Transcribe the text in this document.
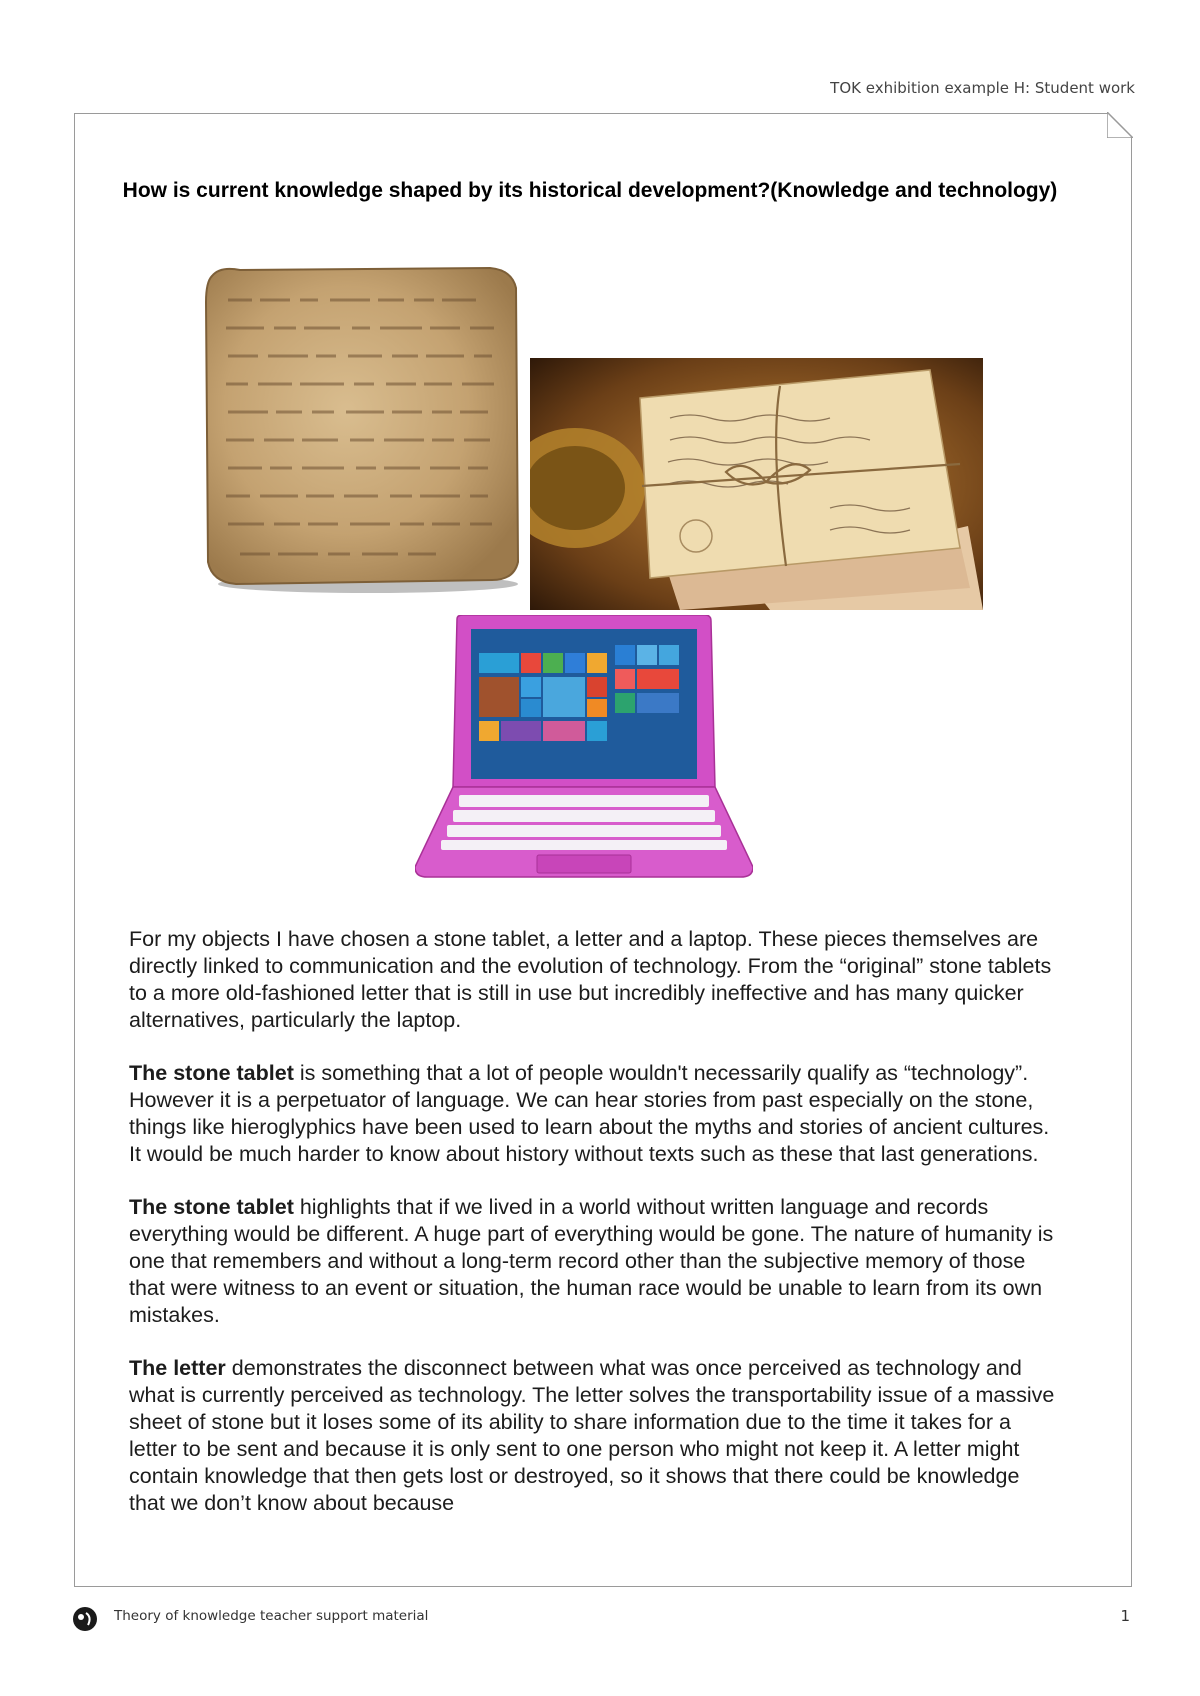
TOK exhibition example H: Student work
How is current knowledge shaped by its historical development?(Knowledge and technology)

For my objects I have chosen a stone tablet, a letter and a laptop. These pieces themselves are directly linked to communication and the evolution of technology. From the “original” stone tablets to a more old-fashioned letter that is still in use but incredibly ineffective and has many quicker alternatives, particularly the laptop.

The stone tablet is something that a lot of people wouldn't necessarily qualify as “technology”. However it is a perpetuator of language. We can hear stories from past especially on the stone, things like hieroglyphics have been used to learn about the myths and stories of ancient cultures. It would be much harder to know about history without texts such as these that last generations.

The stone tablet highlights that if we lived in a world without written language and records everything would be different. A huge part of everything would be gone. The nature of humanity is one that remembers and without a long-term record other than the subjective memory of those that were witness to an event or situation, the human race would be unable to learn from its own mistakes.

The letter demonstrates the disconnect between what was once perceived as technology and what is currently perceived as technology. The letter solves the transportability issue of a massive sheet of stone but it loses some of its ability to share information due to the time it takes for a letter to be sent and because it is only sent to one person who might not keep it. A letter might contain knowledge that then gets lost or destroyed, so it shows that there could be knowledge that we don’t know about because

Theory of knowledge teacher support material	1
